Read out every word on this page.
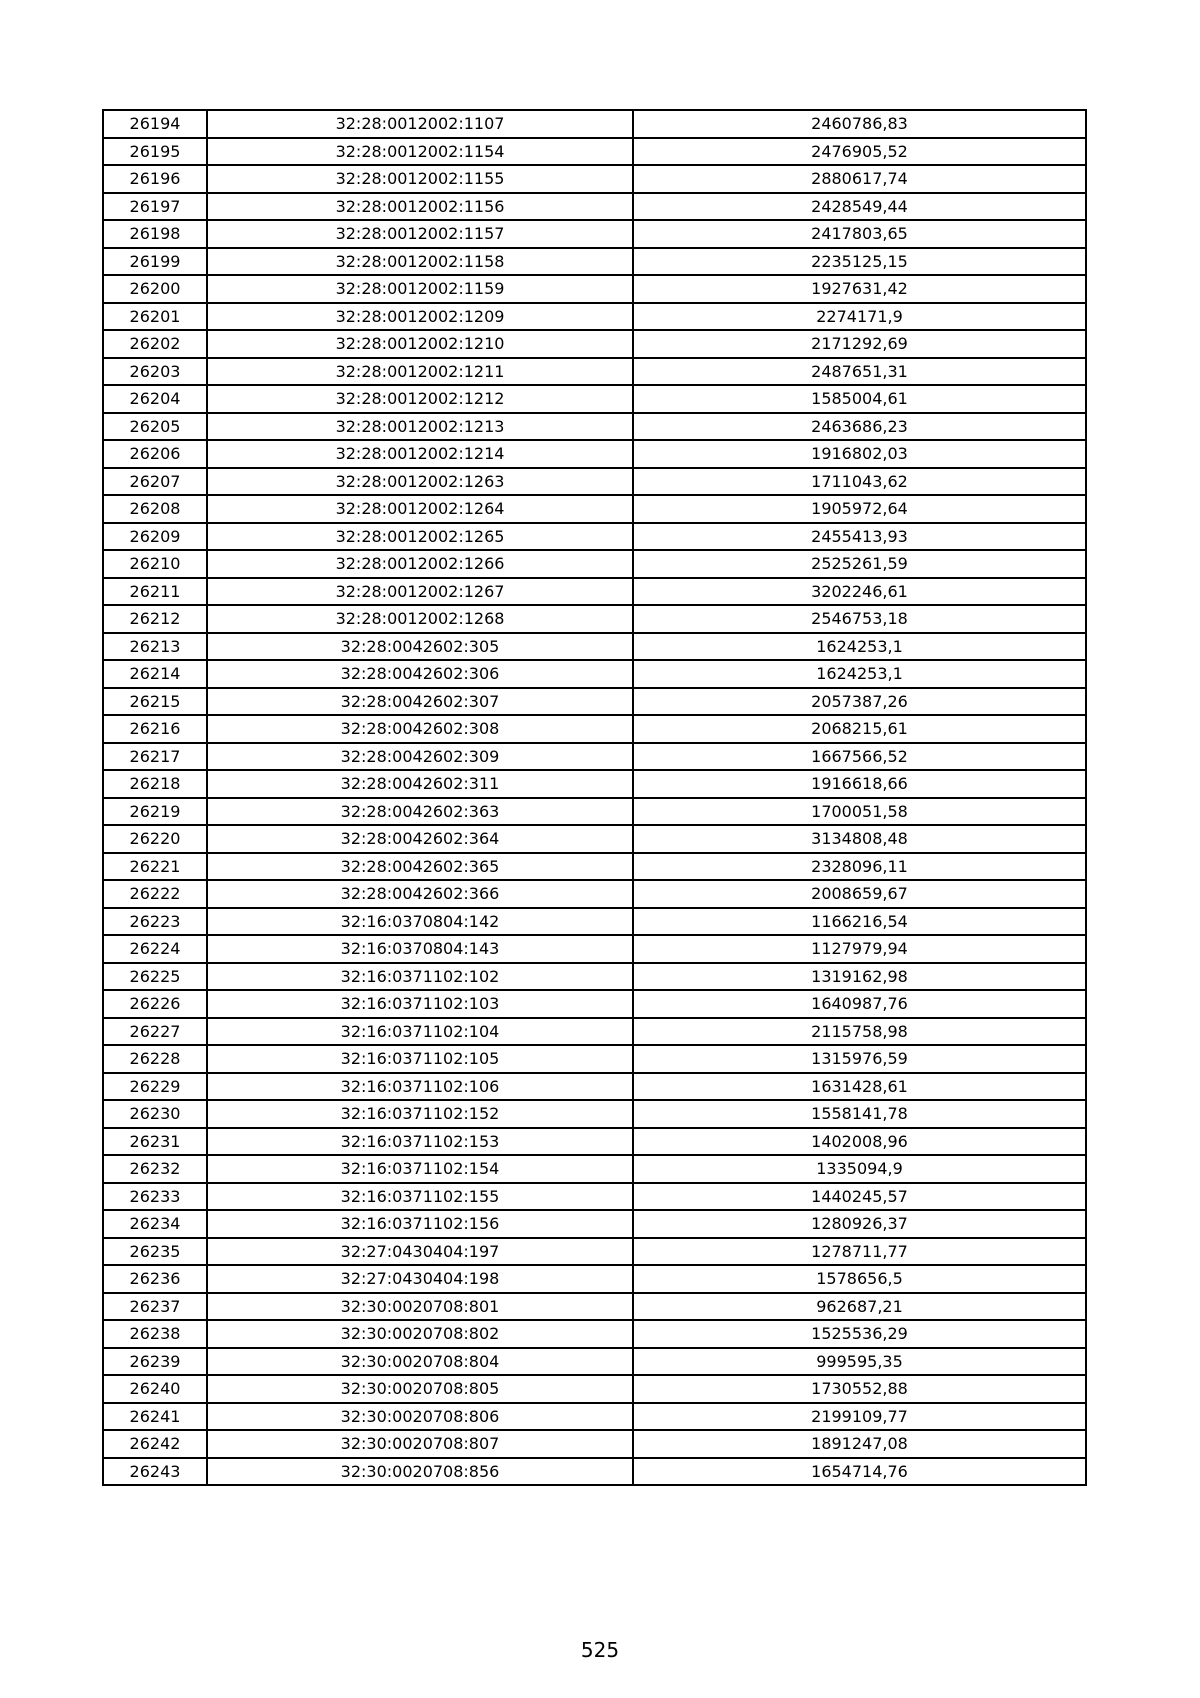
26194	32:28:0012002:1107	2460786,83
26195	32:28:0012002:1154	2476905,52
26196	32:28:0012002:1155	2880617,74
26197	32:28:0012002:1156	2428549,44
26198	32:28:0012002:1157	2417803,65
26199	32:28:0012002:1158	2235125,15
26200	32:28:0012002:1159	1927631,42
26201	32:28:0012002:1209	2274171,9
26202	32:28:0012002:1210	2171292,69
26203	32:28:0012002:1211	2487651,31
26204	32:28:0012002:1212	1585004,61
26205	32:28:0012002:1213	2463686,23
26206	32:28:0012002:1214	1916802,03
26207	32:28:0012002:1263	1711043,62
26208	32:28:0012002:1264	1905972,64
26209	32:28:0012002:1265	2455413,93
26210	32:28:0012002:1266	2525261,59
26211	32:28:0012002:1267	3202246,61
26212	32:28:0012002:1268	2546753,18
26213	32:28:0042602:305	1624253,1
26214	32:28:0042602:306	1624253,1
26215	32:28:0042602:307	2057387,26
26216	32:28:0042602:308	2068215,61
26217	32:28:0042602:309	1667566,52
26218	32:28:0042602:311	1916618,66
26219	32:28:0042602:363	1700051,58
26220	32:28:0042602:364	3134808,48
26221	32:28:0042602:365	2328096,11
26222	32:28:0042602:366	2008659,67
26223	32:16:0370804:142	1166216,54
26224	32:16:0370804:143	1127979,94
26225	32:16:0371102:102	1319162,98
26226	32:16:0371102:103	1640987,76
26227	32:16:0371102:104	2115758,98
26228	32:16:0371102:105	1315976,59
26229	32:16:0371102:106	1631428,61
26230	32:16:0371102:152	1558141,78
26231	32:16:0371102:153	1402008,96
26232	32:16:0371102:154	1335094,9
26233	32:16:0371102:155	1440245,57
26234	32:16:0371102:156	1280926,37
26235	32:27:0430404:197	1278711,77
26236	32:27:0430404:198	1578656,5
26237	32:30:0020708:801	962687,21
26238	32:30:0020708:802	1525536,29
26239	32:30:0020708:804	999595,35
26240	32:30:0020708:805	1730552,88
26241	32:30:0020708:806	2199109,77
26242	32:30:0020708:807	1891247,08
26243	32:30:0020708:856	1654714,76
525
